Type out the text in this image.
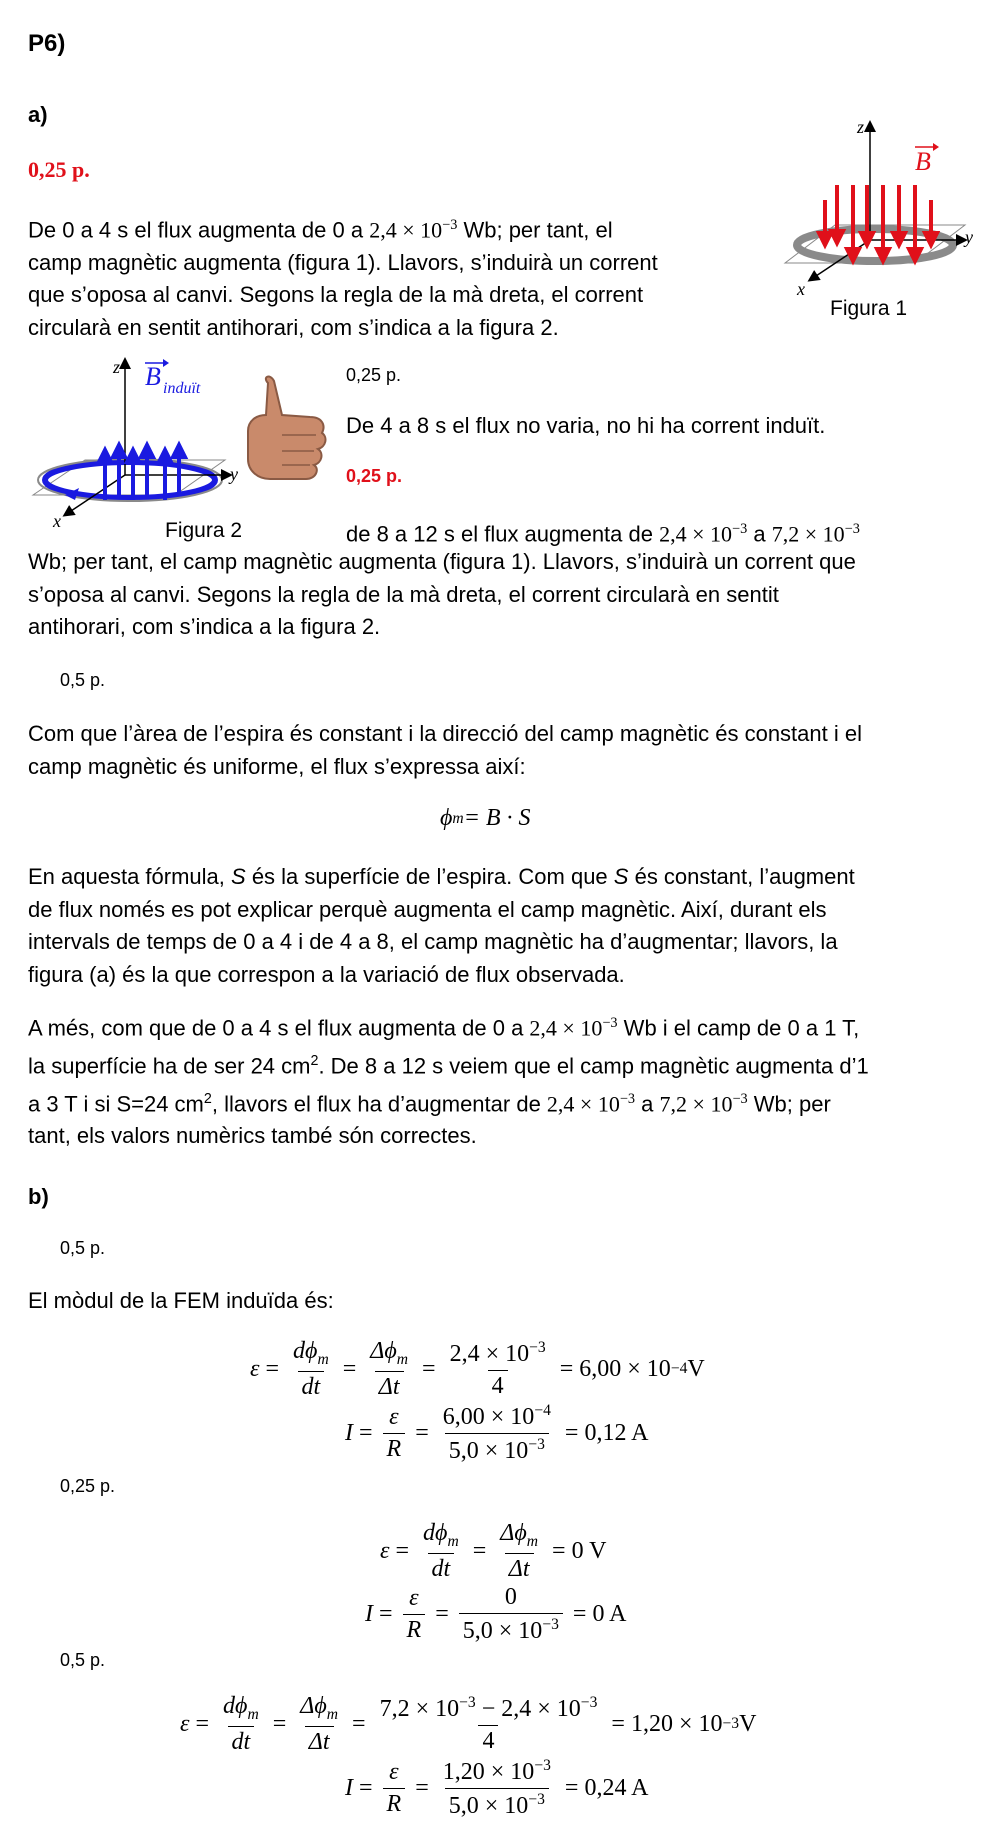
P6)
a)
0,25 p.
De 0 a 4 s el flux augmenta de 0 a $2,4 \times 10^{-3}$ Wb; per tant, el
camp magnètic augmenta (figura 1). Llavors, s’induirà un corrent
que s’oposa al canvi. Segons la regla de la mà dreta, el corrent
circularà en sentit antihorari, com s’indica a la figura 2.
z
y
x
B
Figura 1
z
y
x
B induït
Figura 2
0,25 p.
De 4 a 8 s el flux no varia, no hi ha corrent induït.
0,25 p.
de 8 a 12 s el flux augmenta de $2,4 \times 10^{-3}$ a $7,2 \times 10^{-3}$
Wb; per tant, el camp magnètic augmenta (figura 1). Llavors, s’induirà un corrent que
s’oposa al canvi. Segons la regla de la mà dreta, el corrent circularà en sentit
antihorari, com s’indica a la figura 2.
0,5 p.
Com que l’àrea de l’espira és constant i la direcció del camp magnètic és constant i el
camp magnètic és uniforme, el flux s’expressa així:
ϕ m = B · S
En aquesta fórmula, S és la superfície de l’espira. Com que S és constant, l’augment
de flux només es pot explicar perquè augmenta el camp magnètic. Així, durant els
intervals de temps de 0 a 4 i de 4 a 8, el camp magnètic ha d’augmentar; llavors, la
figura (a) és la que correspon a la variació de flux observada.
A més, com que de 0 a 4 s el flux augmenta de 0 a $2,4 \times 10^{-3}$ Wb i el camp de 0 a 1 T,
la superfície ha de ser 24 $cm^2$. De 8 a 12 s veiem que el camp magnètic augmenta d’1
a 3 T i si S=24 $cm^2$, llavors el flux ha d’augmentar de $2,4 \times 10^{-3}$ a $7,2 \times 10^{-3}$ Wb; per
tant, els valors numèrics també són correctes.
b)
0,5 p.
El mòdul de la FEM induïda és:
$\varepsilon = \frac{d\phi_m}{dt} = \frac{\Delta\phi_m}{\Delta t} = \frac{2,4 \times 10^{-3}}{4} = 6,00 \times 10 -4$ V
$I = \frac{\varepsilon}{R} = \frac{6,00 \times 10^{-4}}{5,0 \times 10^{-3}} = 0,12$ A
0,25 p.
$\varepsilon = \frac{d\phi_m}{dt} = \frac{\Delta\phi_m}{\Delta t} = 0$ V
$I = \frac{\varepsilon}{R} = \frac{0}{5,0 \times 10^{-3}} = 0$ A
0,5 p.
$\varepsilon = \frac{d\phi_m}{dt} = \frac{\Delta\phi_m}{\Delta t} = \frac{7,2 \times 10^{-3} - 2,4 \times 10^{-3}}{4} = 1,20 \times 10 -3$ V
$I = \frac{\varepsilon}{R} = \frac{1,20 \times 10^{-3}}{5,0 \times 10^{-3}} = 0,24$ A
